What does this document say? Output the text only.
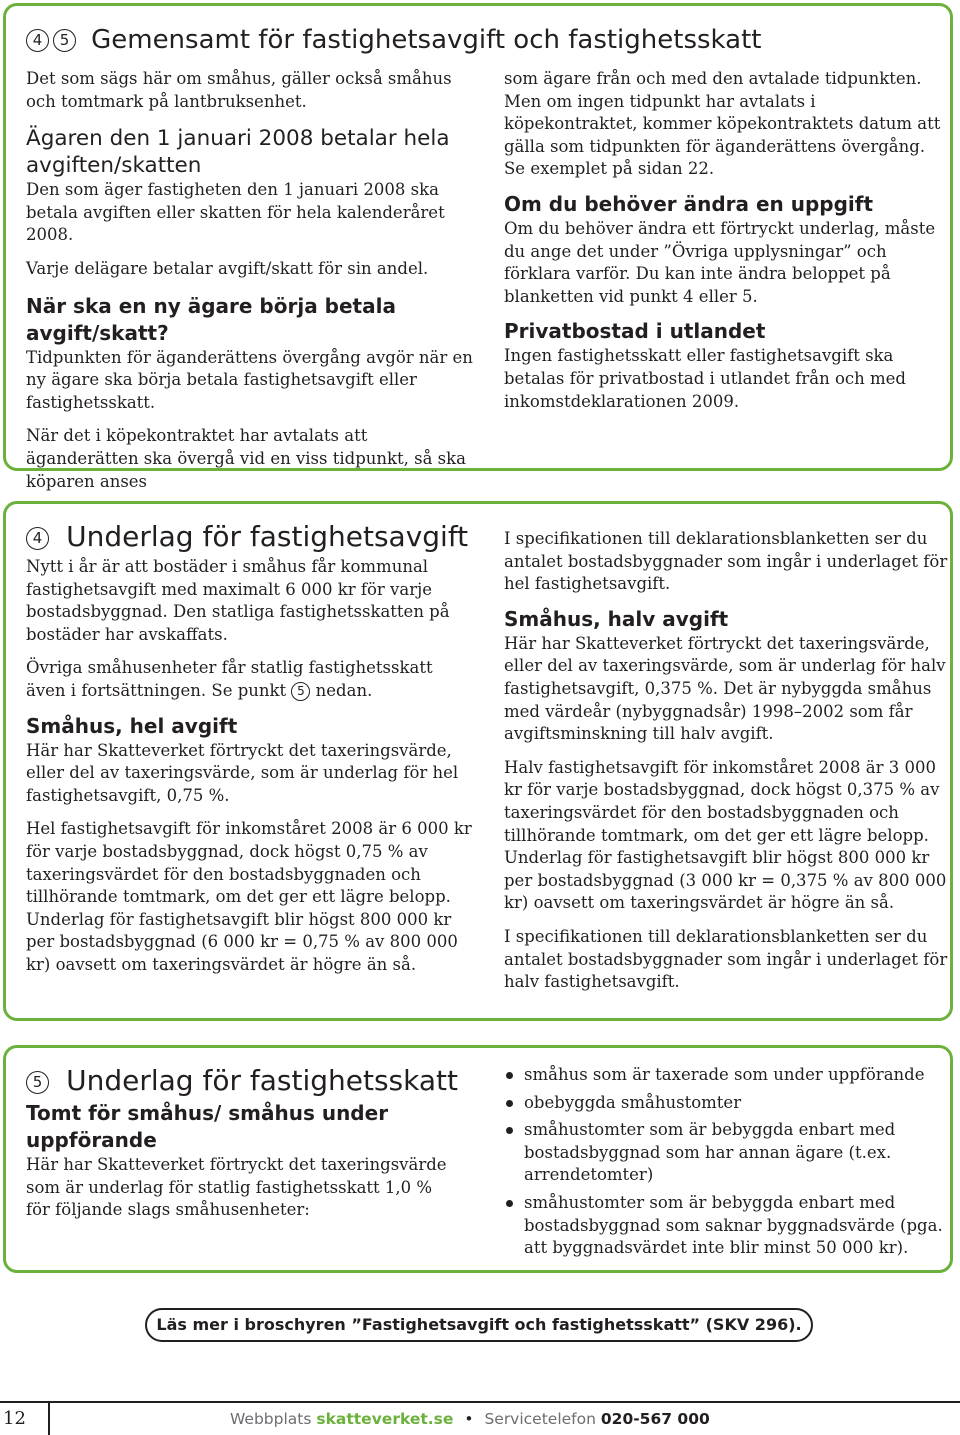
4 5 Gemensamt för fastighetsavgift och fastighetsskatt

Det som sägs här om småhus, gäller också småhus och tomtmark på lantbruksenhet.

Ägaren den 1 januari 2008 betalar hela avgiften/skatten

Den som äger fastigheten den 1 januari 2008 ska betala avgiften eller skatten för hela kalenderåret 2008.

Varje delägare betalar avgift/skatt för sin andel.

När ska en ny ägare börja betala avgift/skatt?

Tidpunkten för äganderättens övergång avgör när en ny ägare ska börja betala fastighetsavgift eller fastighetsskatt.

När det i köpekontraktet har avtalats att äganderätten ska övergå vid en viss tidpunkt, så ska köparen anses

som ägare från och med den avtalade tidpunkten. Men om ingen tidpunkt har avtalats i köpekontraktet, kommer köpekontraktets datum att gälla som tidpunkten för äganderättens övergång. Se exemplet på sidan 22.

Om du behöver ändra en uppgift

Om du behöver ändra ett förtryckt underlag, måste du ange det under ”Övriga upplysningar” och förklara varför. Du kan inte ändra beloppet på blanketten vid punkt 4 eller 5.

Privatbostad i utlandet

Ingen fastighetsskatt eller fastighetsavgift ska betalas för privatbostad i utlandet från och med inkomstdeklarationen 2009.

4 Underlag för fastighetsavgift

Nytt i år är att bostäder i småhus får kommunal fastighetsavgift med maximalt 6 000 kr för varje bostadsbyggnad. Den statliga fastighetsskatten på bostäder har avskaffats.

Övriga småhusenheter får statlig fastighetsskatt även i fortsättningen. Se punkt 5 nedan.

Småhus, hel avgift

Här har Skatteverket förtryckt det taxeringsvärde, eller del av taxeringsvärde, som är underlag för hel fastighetsavgift, 0,75 %.

Hel fastighetsavgift för inkomståret 2008 är 6 000 kr för varje bostadsbyggnad, dock högst 0,75 % av taxeringsvärdet för den bostadsbyggnaden och tillhörande tomtmark, om det ger ett lägre belopp. Underlag för fastighetsavgift blir högst 800 000 kr per bostadsbyggnad (6 000 kr = 0,75 % av 800 000 kr) oavsett om taxeringsvärdet är högre än så.

I specifikationen till deklarationsblanketten ser du antalet bostadsbyggnader som ingår i underlaget för hel fastighetsavgift.

Småhus, halv avgift

Här har Skatteverket förtryckt det taxeringsvärde, eller del av taxeringsvärde, som är underlag för halv fastighetsavgift, 0,375 %. Det är nybyggda småhus med värdeår (nybyggnadsår) 1998–2002 som får avgiftsminskning till halv avgift.

Halv fastighetsavgift för inkomståret 2008 är 3 000 kr för varje bostadsbyggnad, dock högst 0,375 % av taxeringsvärdet för den bostadsbyggnaden och tillhörande tomtmark, om det ger ett lägre belopp. Underlag för fastighetsavgift blir högst 800 000 kr per bostadsbyggnad (3 000 kr = 0,375 % av 800 000 kr) oavsett om taxeringsvärdet är högre än så.

I specifikationen till deklarationsblanketten ser du antalet bostadsbyggnader som ingår i underlaget för halv fastighetsavgift.

5 Underlag för fastighetsskatt
Tomt för småhus/ småhus under uppförande

Här har Skatteverket förtryckt det taxeringsvärde som är underlag för statlig fastighetsskatt 1,0 % för följande slags småhusenheter:

småhus som är taxerade som under uppförande
obebyggda småhustomter
småhustomter som är bebyggda enbart med bostadsbyggnad som har annan ägare (t.ex. arrendetomter)
småhustomter som är bebyggda enbart med bostadsbyggnad som saknar byggnadsvärde (pga. att byggnadsvärdet inte blir minst 50 000 kr).
Läs mer i broschyren ”Fastighetsavgift och fastighetsskatt” (SKV 296).
12	Webbplats skatteverket.se • Servicetelefon 020-567 000
